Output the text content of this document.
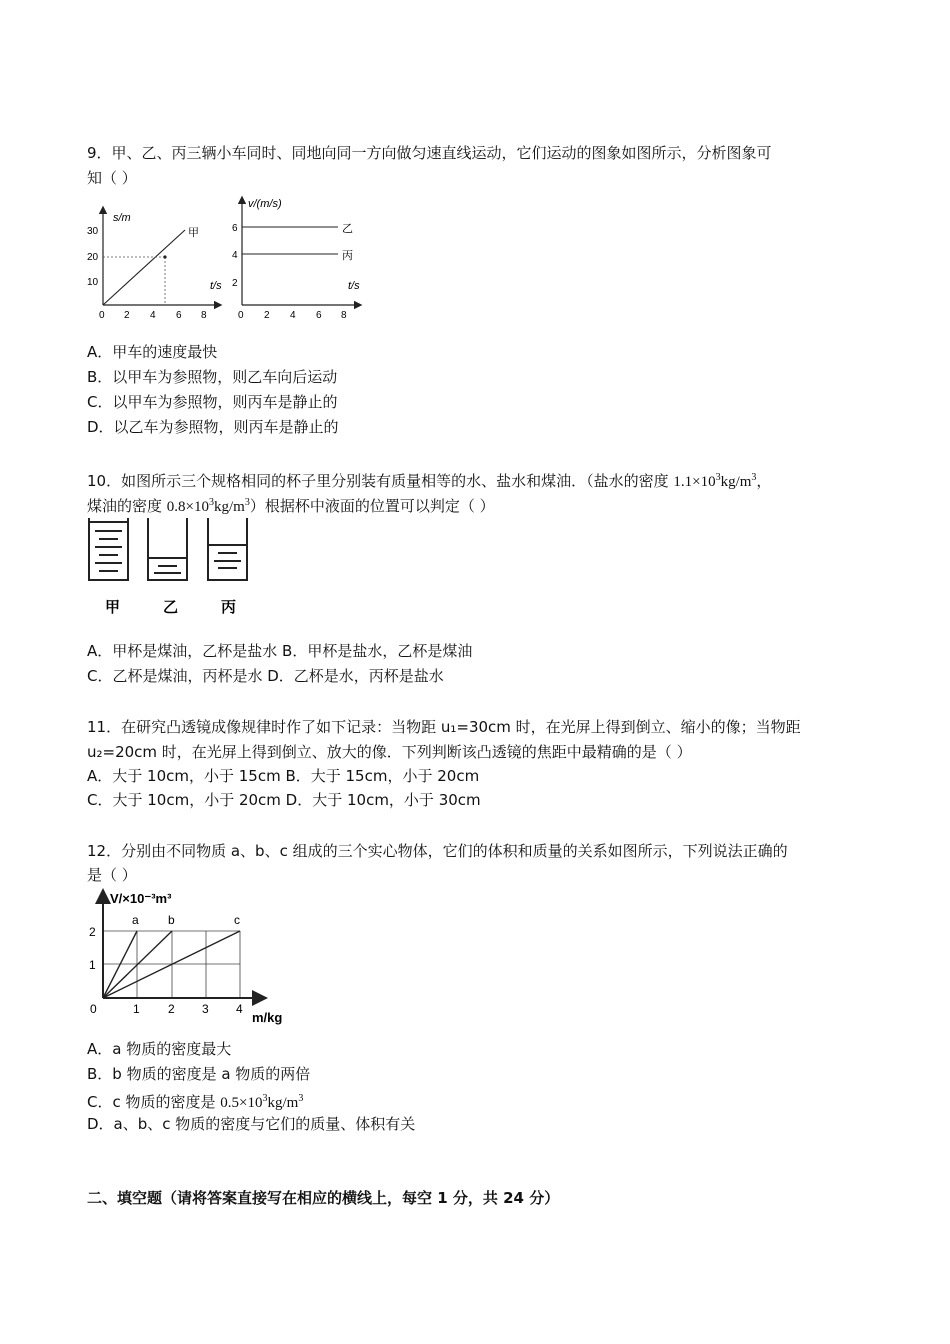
9．甲、乙、丙三辆小车同时、同地向同一方向做匀速直线运动，它们运动的图象如图所示，分析图象可
知（ ）
s/m
t/s
10
20
30
0 2 4 6 8
甲
v/(m/s)
t/s
2
4
6
0 2 4 6 8
乙
丙
A．甲车的速度最快
B．以甲车为参照物，则乙车向后运动
C．以甲车为参照物，则丙车是静止的
D．以乙车为参照物，则丙车是静止的
10．如图所示三个规格相同的杯子里分别装有质量相等的水、盐水和煤油．（盐水的密度 $1.1\times 10^3kg/m^3$，
煤油的密度 $0.8\times 10^3kg/m^3$）根据杯中液面的位置可以判定（ ）
甲	乙	丙
A．甲杯是煤油，乙杯是盐水 B．甲杯是盐水，乙杯是煤油
C．乙杯是煤油，丙杯是水 D．乙杯是水，丙杯是盐水
11．在研究凸透镜成像规律时作了如下记录：当物距 u₁=30cm 时，在光屏上得到倒立、缩小的像；当物距
u₂=20cm 时，在光屏上得到倒立、放大的像．下列判断该凸透镜的焦距中最精确的是（ ）
A．大于 10cm，小于 15cm B．大于 15cm，小于 20cm
C．大于 10cm，小于 20cm D．大于 10cm，小于 30cm
12．分别由不同物质 a、b、c 组成的三个实心物体，它们的体积和质量的关系如图所示，下列说法正确的
是（ ）
V/×10⁻³m³
m/kg
1
2
0	1 2 3 4
a b	c
A．a 物质的密度最大
B．b 物质的密度是 a 物质的两倍
C．c 物质的密度是 $0.5\times 10^3kg/m^3$
D．a、b、c 物质的密度与它们的质量、体积有关
二、填空题（请将答案直接写在相应的横线上，每空 1 分，共 24 分）
